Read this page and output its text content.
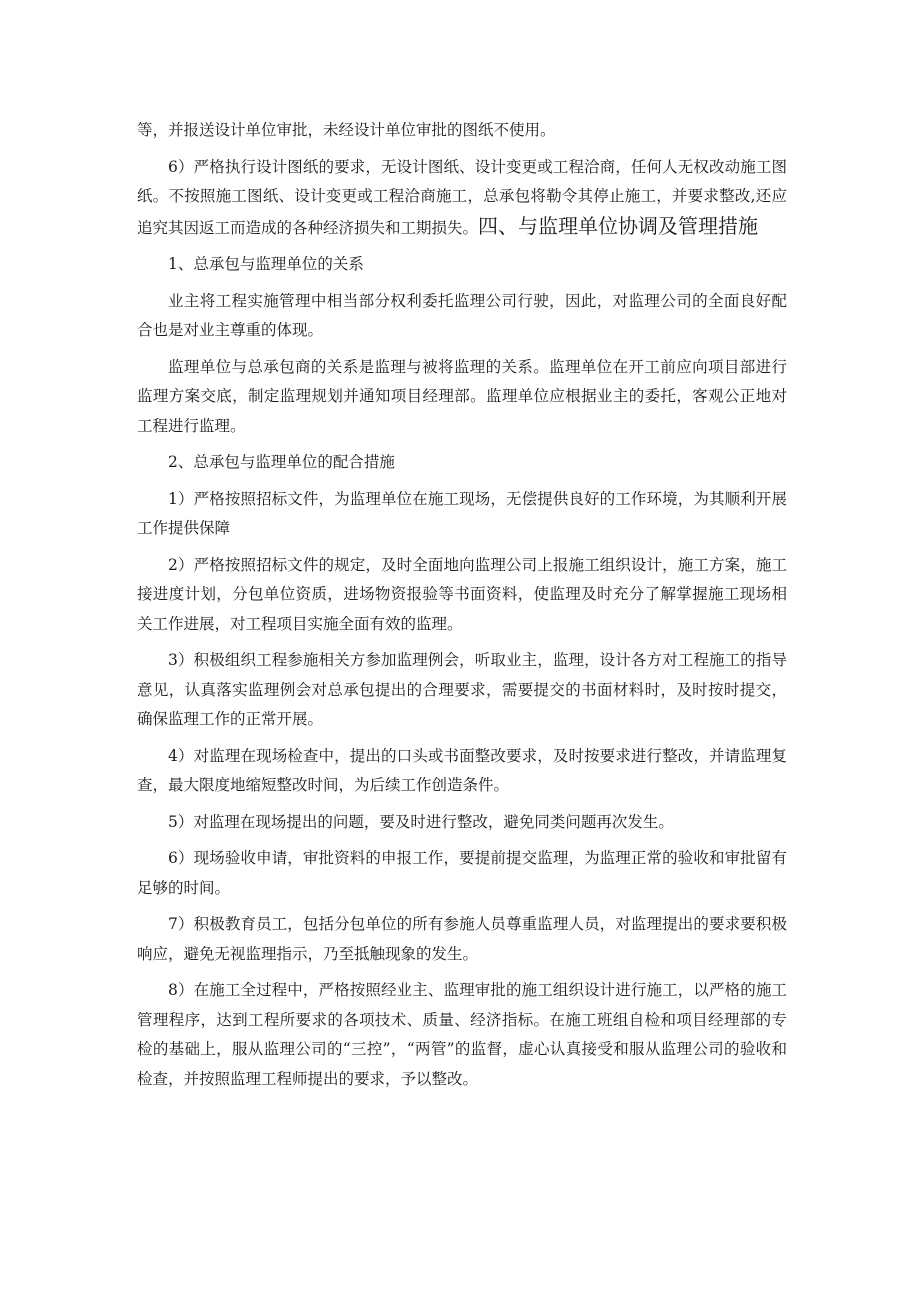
等，并报送设计单位审批，未经设计单位审批的图纸不使用。

6）严格执行设计图纸的要求，无设计图纸、设计变更或工程洽商，任何人无权改动施工图纸。不按照施工图纸、设计变更或工程洽商施工，总承包将勒令其停止施工，并要求整改,还应追究其因返工而造成的各种经济损失和工期损失。四、与监理单位协调及管理措施

1、总承包与监理单位的关系

业主将工程实施管理中相当部分权利委托监理公司行驶，因此，对监理公司的全面良好配合也是对业主尊重的体现。

监理单位与总承包商的关系是监理与被将监理的关系。监理单位在开工前应向项目部进行监理方案交底，制定监理规划并通知项目经理部。监理单位应根据业主的委托，客观公正地对工程进行监理。

2、总承包与监理单位的配合措施

1）严格按照招标文件，为监理单位在施工现场，无偿提供良好的工作环境，为其顺利开展工作提供保障

2）严格按照招标文件的规定，及时全面地向监理公司上报施工组织设计，施工方案，施工接进度计划，分包单位资质，进场物资报验等书面资料，使监理及时充分了解掌握施工现场相关工作进展，对工程项目实施全面有效的监理。

3）积极组织工程参施相关方参加监理例会，听取业主，监理，设计各方对工程施工的指导意见，认真落实监理例会对总承包提出的合理要求，需要提交的书面材料时，及时按时提交，确保监理工作的正常开展。

4）对监理在现场检查中，提出的口头或书面整改要求，及时按要求进行整改，并请监理复查，最大限度地缩短整改时间，为后续工作创造条件。

5）对监理在现场提出的问题，要及时进行整改，避免同类问题再次发生。

6）现场验收申请，审批资料的申报工作，要提前提交监理，为监理正常的验收和审批留有足够的时间。

7）积极教育员工，包括分包单位的所有参施人员尊重监理人员，对监理提出的要求要积极响应，避免无视监理指示，乃至抵触现象的发生。

8）在施工全过程中，严格按照经业主、监理审批的施工组织设计进行施工，以严格的施工管理程序，达到工程所要求的各项技术、质量、经济指标。在施工班组自检和项目经理部的专检的基础上，服从监理公司的“三控”，“两管”的监督，虚心认真接受和服从监理公司的验收和检查，并按照监理工程师提出的要求，予以整改。
